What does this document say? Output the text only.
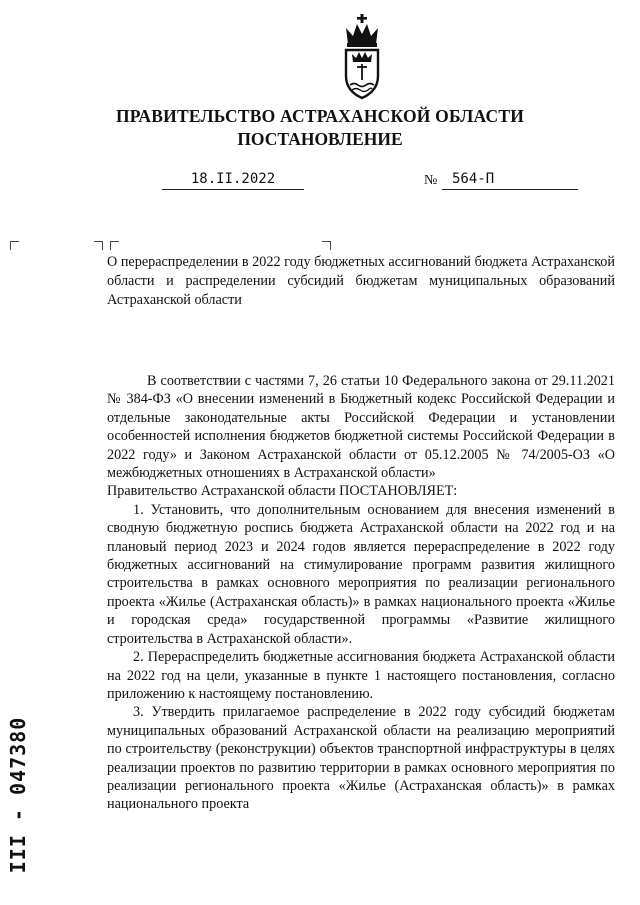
ПРАВИТЕЛЬСТВО АСТРАХАНСКОЙ ОБЛАСТИ
ПОСТАНОВЛЕНИЕ
18.II.2022	№	564-П

О перераспределении в 2022 году бюджетных ассигнований бюджета Астраханской области и распределении субсидий бюджетам муниципальных образований Астраханской области

В соответствии с частями 7, 26 статьи 10 Федерального закона от 29.11.2021 № 384-ФЗ «О внесении изменений в Бюджетный кодекс Российской Федерации и отдельные законодательные акты Российской Федерации и установлении особенностей исполнения бюджетов бюджетной системы Российской Федерации в 2022 году» и Законом Астраханской области от 05.12.2005 № 74/2005-ОЗ «О межбюджетных отношениях в Астраханской области»

Правительство Астраханской области ПОСТАНОВЛЯЕТ:

1. Установить, что дополнительным основанием для внесения изменений в сводную бюджетную роспись бюджета Астраханской области на 2022 год и на плановый период 2023 и 2024 годов является перераспределение в 2022 году бюджетных ассигнований на стимулирование программ развития жилищного строительства в рамках основного мероприятия по реализации регионального проекта «Жилье (Астраханская область)» в рамках национального проекта «Жилье и городская среда» государственной программы «Развитие жилищного строительства в Астраханской области».

2. Перераспределить бюджетные ассигнования бюджета Астраханской области на 2022 год на цели, указанные в пункте 1 настоящего постановления, согласно приложению к настоящему постановлению.

3. Утвердить прилагаемое распределение в 2022 году субсидий бюджетам муниципальных образований Астраханской области на реализацию мероприятий по строительству (реконструкции) объектов транспортной инфраструктуры в целях реализации проектов по развитию территории в рамках основного мероприятия по реализации регионального проекта «Жилье (Астраханская область)» в рамках национального проекта

ІІІ - 047380
